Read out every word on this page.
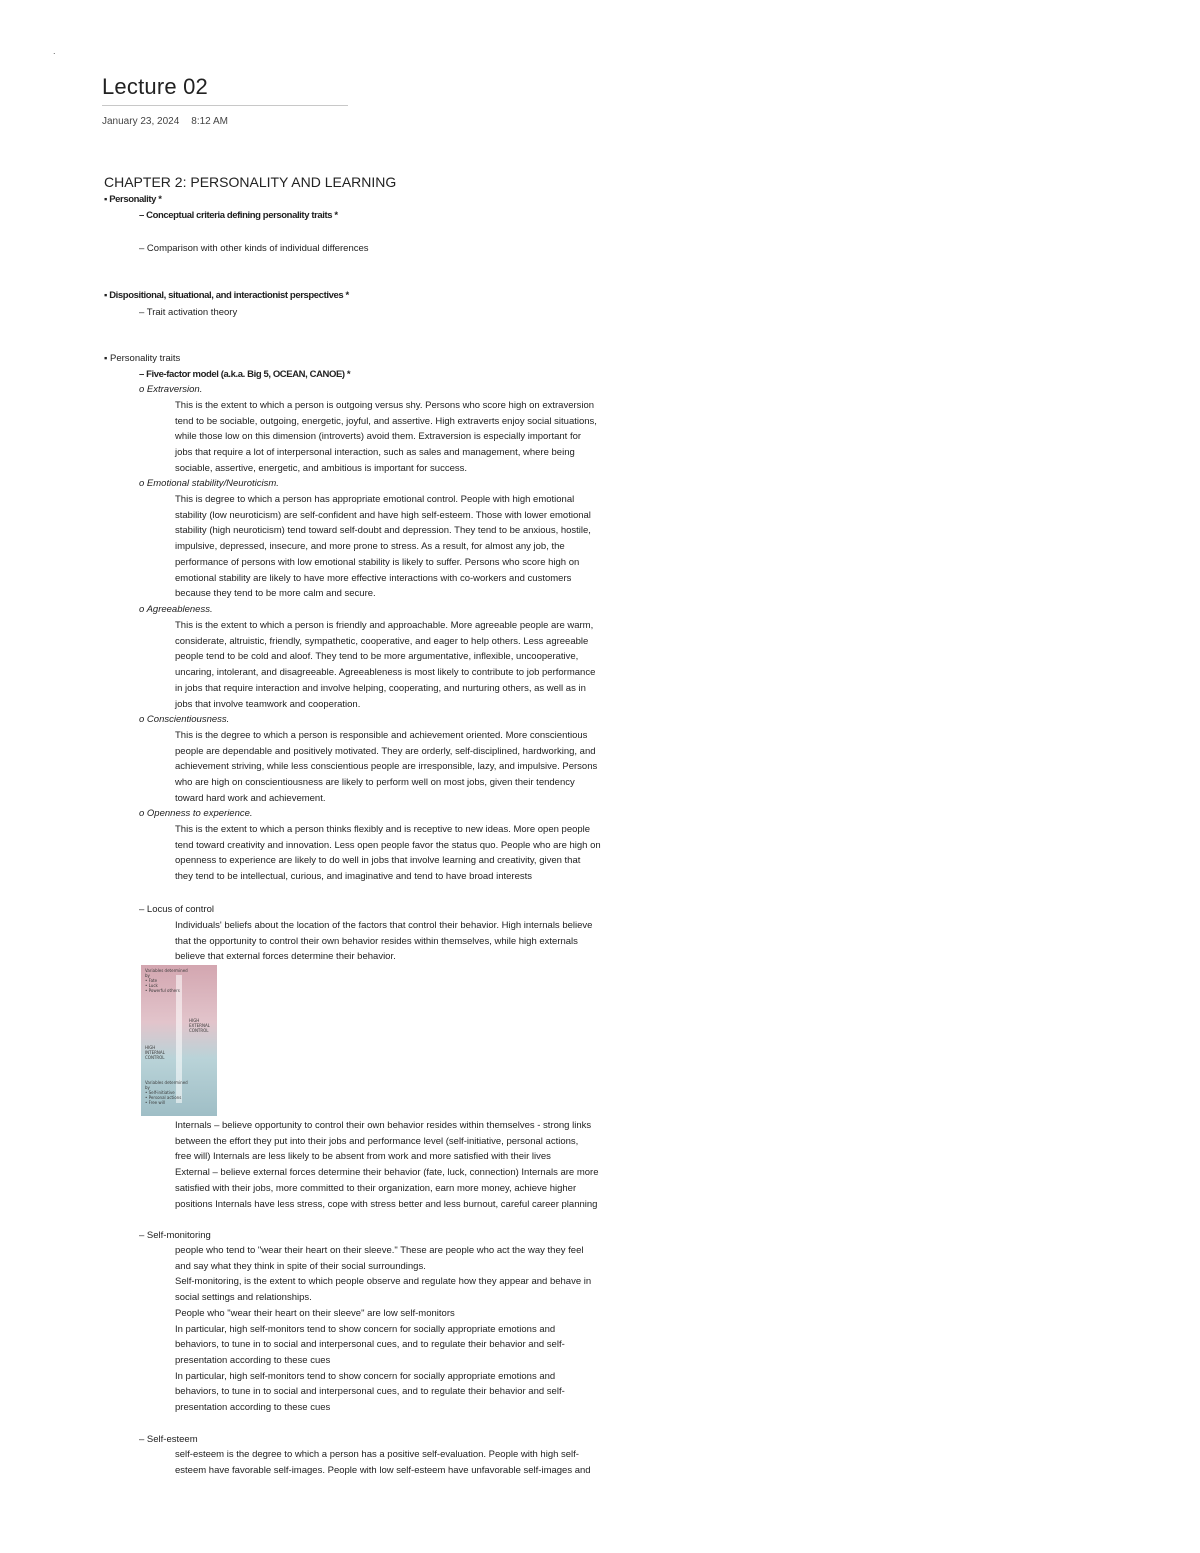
.
Lecture 02
January 23, 2024 8:12 AM
CHAPTER 2: PERSONALITY AND LEARNING
▪ Personality *
– Conceptual criteria defining personality traits *
– Comparison with other kinds of individual differences
▪ Dispositional, situational, and interactionist perspectives *
– Trait activation theory
▪ Personality traits
– Five-factor model (a.k.a. Big 5, OCEAN, CANOE) *
o Extraversion.
This is the extent to which a person is outgoing versus shy. Persons who score high on extraversion
tend to be sociable, outgoing, energetic, joyful, and assertive. High extraverts enjoy social situations,
while those low on this dimension (introverts) avoid them. Extraversion is especially important for
jobs that require a lot of interpersonal interaction, such as sales and management, where being
sociable, assertive, energetic, and ambitious is important for success.
o Emotional stability/Neuroticism.
This is degree to which a person has appropriate emotional control. People with high emotional
stability (low neuroticism) are self-confident and have high self-esteem. Those with lower emotional
stability (high neuroticism) tend toward self-doubt and depression. They tend to be anxious, hostile,
impulsive, depressed, insecure, and more prone to stress. As a result, for almost any job, the
performance of persons with low emotional stability is likely to suffer. Persons who score high on
emotional stability are likely to have more effective interactions with co-workers and customers
because they tend to be more calm and secure.
o Agreeableness.
This is the extent to which a person is friendly and approachable. More agreeable people are warm,
considerate, altruistic, friendly, sympathetic, cooperative, and eager to help others. Less agreeable
people tend to be cold and aloof. They tend to be more argumentative, inflexible, uncooperative,
uncaring, intolerant, and disagreeable. Agreeableness is most likely to contribute to job performance
in jobs that require interaction and involve helping, cooperating, and nurturing others, as well as in
jobs that involve teamwork and cooperation.
o Conscientiousness.
This is the degree to which a person is responsible and achievement oriented. More conscientious
people are dependable and positively motivated. They are orderly, self-disciplined, hardworking, and
achievement striving, while less conscientious people are irresponsible, lazy, and impulsive. Persons
who are high on conscientiousness are likely to perform well on most jobs, given their tendency
toward hard work and achievement.
o Openness to experience.
This is the extent to which a person thinks flexibly and is receptive to new ideas. More open people
tend toward creativity and innovation. Less open people favor the status quo. People who are high on
openness to experience are likely to do well in jobs that involve learning and creativity, given that
they tend to be intellectual, curious, and imaginative and tend to have broad interests
– Locus of control
Individuals' beliefs about the location of the factors that control their behavior. High internals believe
that the opportunity to control their own behavior resides within themselves, while high externals
believe that external forces determine their behavior.
Variables determined
by
• Fate
• Luck
• Powerful others
HIGH
EXTERNAL
CONTROL
HIGH
INTERNAL
CONTROL
Variables determined
by
• Self-initiative
• Personal actions
• Free will
Internals – believe opportunity to control their own behavior resides within themselves - strong links
between the effort they put into their jobs and performance level (self-initiative, personal actions,
free will) Internals are less likely to be absent from work and more satisfied with their lives
External – believe external forces determine their behavior (fate, luck, connection) Internals are more
satisfied with their jobs, more committed to their organization, earn more money, achieve higher
positions Internals have less stress, cope with stress better and less burnout, careful career planning
– Self-monitoring
people who tend to "wear their heart on their sleeve." These are people who act the way they feel
and say what they think in spite of their social surroundings.
Self-monitoring, is the extent to which people observe and regulate how they appear and behave in
social settings and relationships.
People who "wear their heart on their sleeve" are low self-monitors
In particular, high self-monitors tend to show concern for socially appropriate emotions and
behaviors, to tune in to social and interpersonal cues, and to regulate their behavior and self-
presentation according to these cues
In particular, high self-monitors tend to show concern for socially appropriate emotions and
behaviors, to tune in to social and interpersonal cues, and to regulate their behavior and self-
presentation according to these cues
– Self-esteem
self-esteem is the degree to which a person has a positive self-evaluation. People with high self-
esteem have favorable self-images. People with low self-esteem have unfavorable self-images and
